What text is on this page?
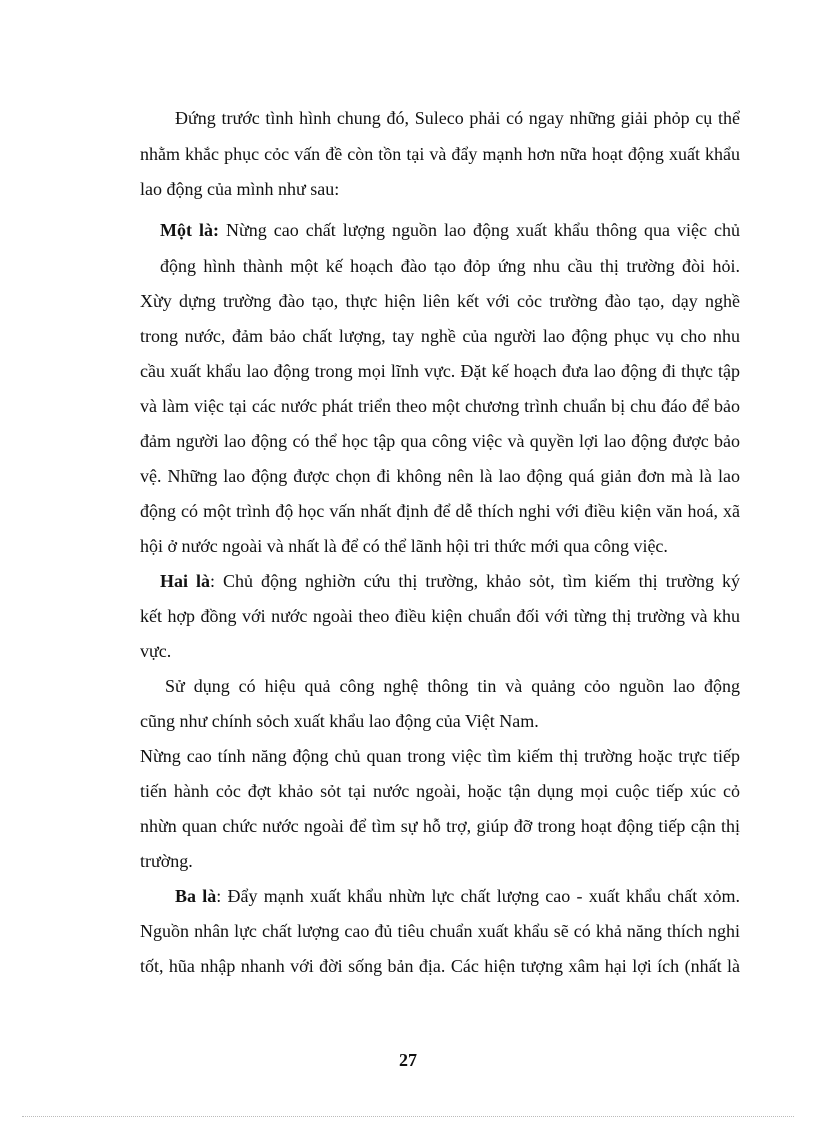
Đứng trước tình hình chung đó, Suleco phải có ngay những giải phỏp cụ thể
nhằm khắc phục cỏc vấn đề còn tồn tại và đẩy mạnh hơn nữa hoạt động xuất khẩu
lao động của mình như sau:
Một là: Nừng cao chất lượng nguồn lao động xuất khẩu thông qua việc chủ
động hình thành một kế hoạch đào tạo đỏp ứng nhu cầu thị trường đòi hỏi.
Xừy dựng trường đào tạo, thực hiện liên kết với cỏc trường đào tạo, dạy nghề
trong nước, đảm bảo chất lượng, tay nghề của người lao động phục vụ cho nhu
cầu xuất khẩu lao động trong mọi lĩnh vực. Đặt kế hoạch đưa lao động đi thực tập
và làm việc tại các nước phát triển theo một chương trình chuẩn bị chu đáo để bảo
đảm người lao động có thể học tập qua công việc và quyền lợi lao động được bảo
vệ. Những lao động được chọn đi không nên là lao động quá giản đơn mà là lao
động có một trình độ học vấn nhất định để dễ thích nghi với điều kiện văn hoá, xã
hội ở nước ngoài và nhất là để có thể lãnh hội tri thức mới qua công việc.
Hai là: Chủ động nghiờn cứu thị trường, khảo sỏt, tìm kiếm thị trường ký
kết hợp đồng với nước ngoài theo điều kiện chuẩn đối với từng thị trường và khu
vực.
Sử dụng có hiệu quả công nghệ thông tin và quảng cỏo nguồn lao động
cũng như chính sỏch xuất khẩu lao động của Việt Nam.
Nừng cao tính năng động chủ quan trong việc tìm kiếm thị trường hoặc trực tiếp
tiến hành cỏc đợt khảo sỏt tại nước ngoài, hoặc tận dụng mọi cuộc tiếp xúc cỏ
nhừn quan chức nước ngoài để tìm sự hỗ trợ, giúp đỡ trong hoạt động tiếp cận thị
trường.
Ba là: Đẩy mạnh xuất khẩu nhừn lực chất lượng cao - xuất khẩu chất xỏm.
Nguồn nhân lực chất lượng cao đủ tiêu chuẩn xuất khẩu sẽ có khả năng thích nghi
tốt, hũa nhập nhanh với đời sống bản địa. Các hiện tượng xâm hại lợi ích (nhất là
27
